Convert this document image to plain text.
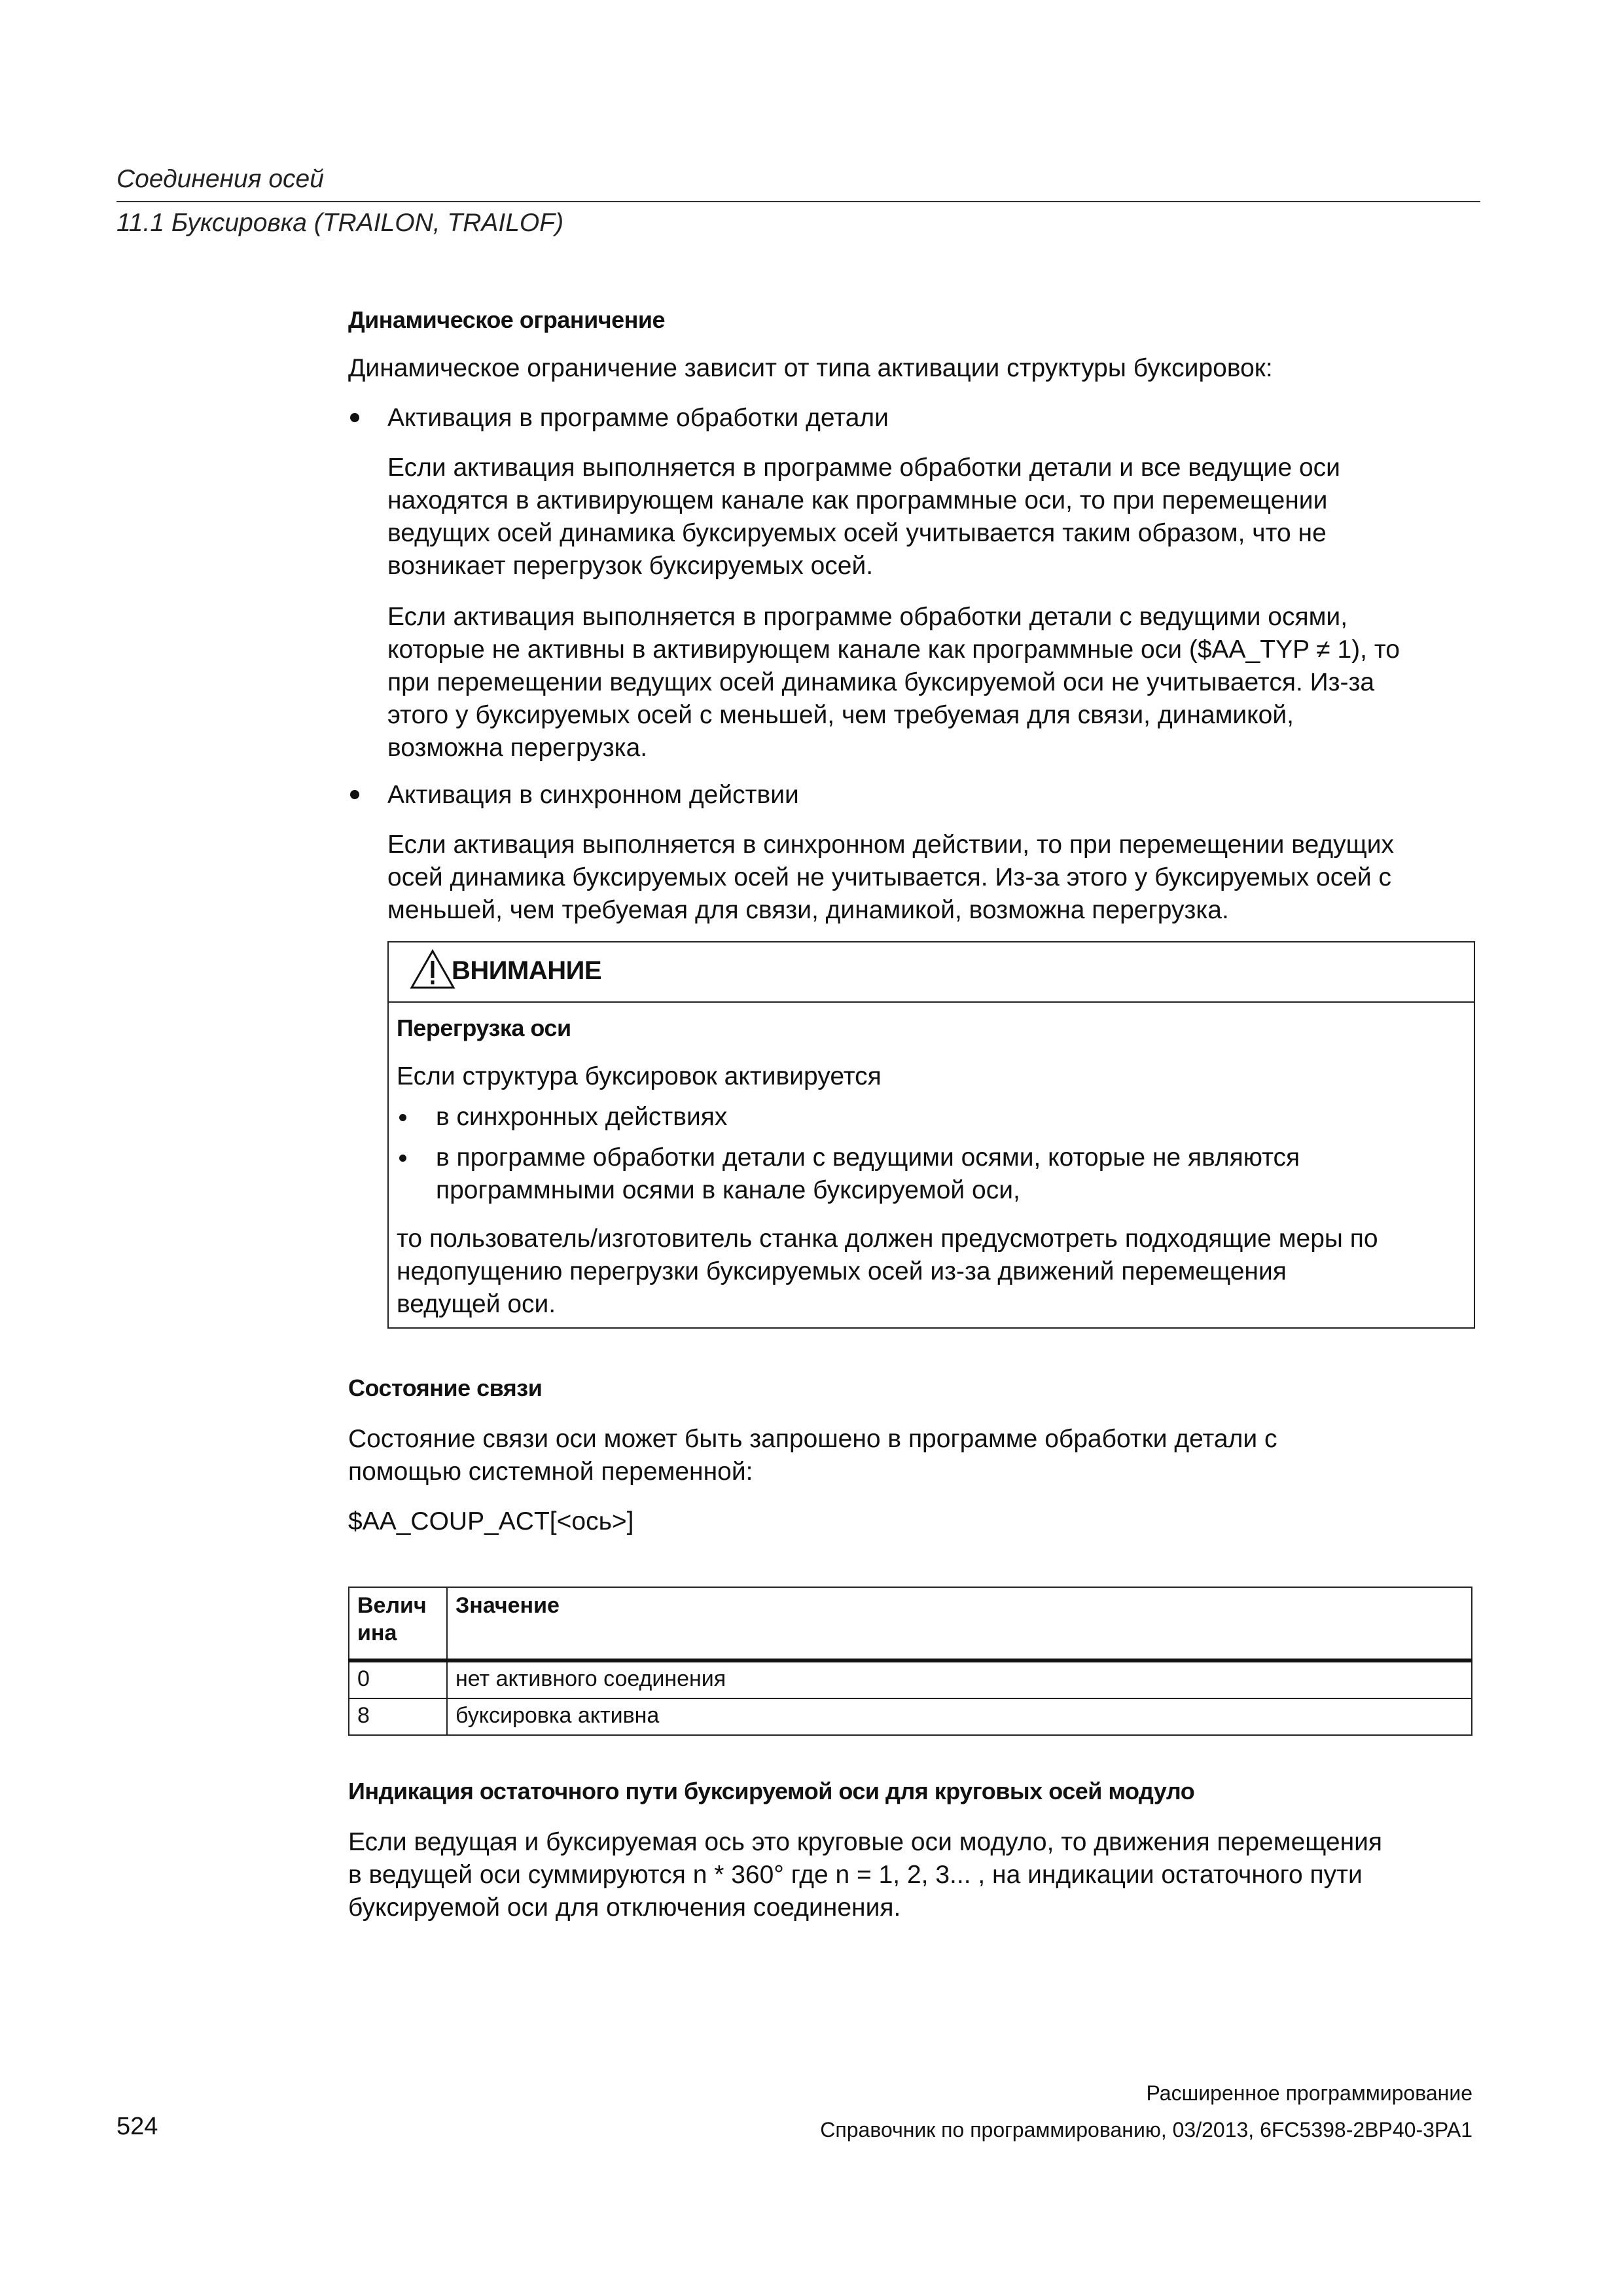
Соединения осей
11.1 Буксировка (TRAILON, TRAILOF)
Динамическое ограничение
Динамическое ограничение зависит от типа активации структуры буксировок:
Активация в программе обработки детали
Если активация выполняется в программе обработки детали и все ведущие оси
находятся в активирующем канале как программные оси, то при перемещении
ведущих осей динамика буксируемых осей учитывается таким образом, что не
возникает перегрузок буксируемых осей.
Если активация выполняется в программе обработки детали с ведущими осями,
которые не активны в активирующем канале как программные оси ($AA_TYP ≠ 1), то
при перемещении ведущих осей динамика буксируемой оси не учитывается. Из-за
этого у буксируемых осей с меньшей, чем требуемая для связи, динамикой,
возможна перегрузка.
Активация в синхронном действии
Если активация выполняется в синхронном действии, то при перемещении ведущих
осей динамика буксируемых осей не учитывается. Из-за этого у буксируемых осей с
меньшей, чем требуемая для связи, динамикой, возможна перегрузка.
ВНИМАНИЕ
Перегрузка оси
Если структура буксировок активируется
в синхронных действиях
в программе обработки детали с ведущими осями, которые не являются
программными осями в канале буксируемой оси,
то пользователь/изготовитель станка должен предусмотреть подходящие меры по
недопущению перегрузки буксируемых осей из-за движений перемещения
ведущей оси.
Состояние связи
Состояние связи оси может быть запрошено в программе обработки детали с
помощью системной переменной:
$AA_COUP_ACT[<ось>]
Велич
ина	Значение
0	нет активного соединения
8	буксировка активна
Индикация остаточного пути буксируемой оси для круговых осей модуло
Если ведущая и буксируемая ось это круговые оси модуло, то движения перемещения
в ведущей оси суммируются n * 360° где n = 1, 2, 3... , на индикации остаточного пути
буксируемой оси для отключения соединения.
Расширенное программирование
524	Справочник по программированию, 03/2013, 6FC5398-2BP40-3PA1
